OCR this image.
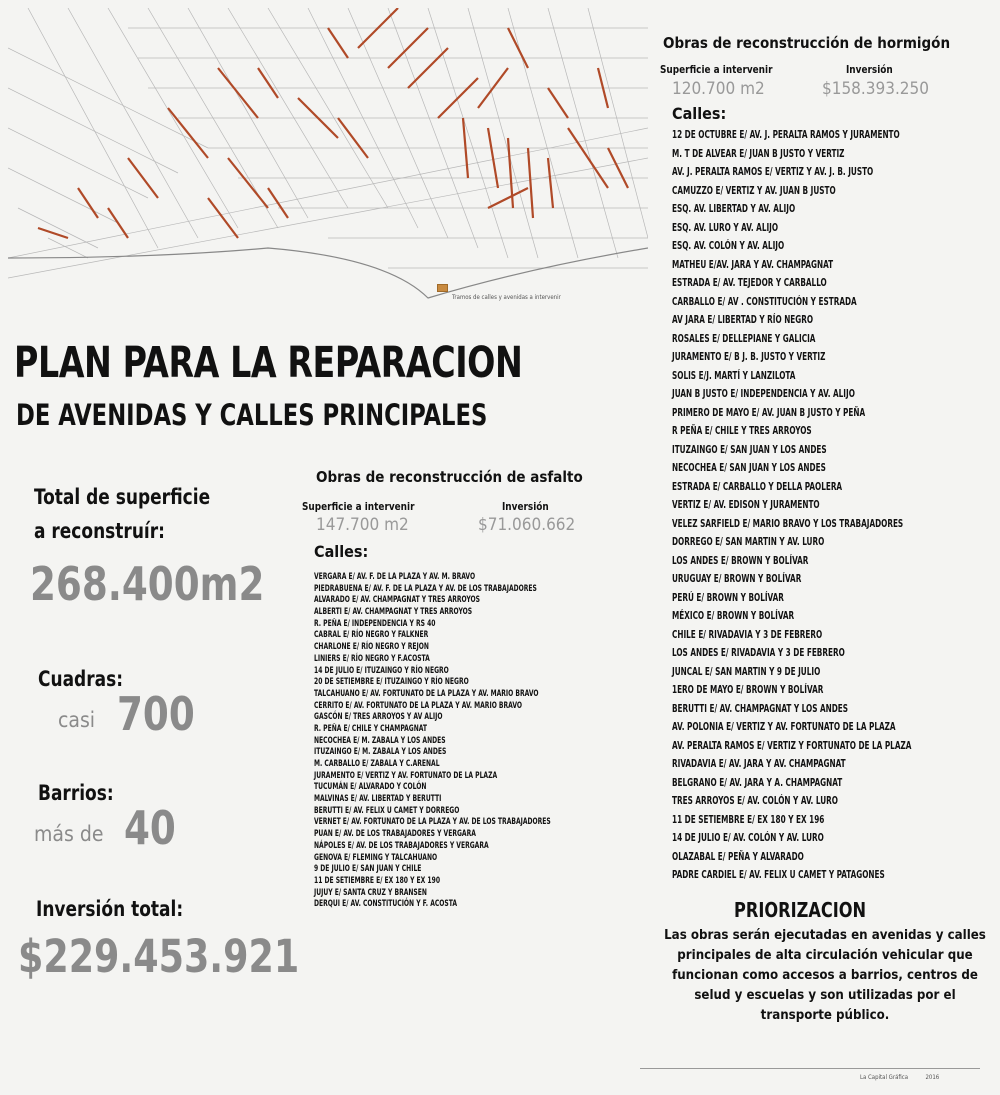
Tramos de calles y avenidas a intervenir
PLAN PARA LA REPARACION
DE AVENIDAS Y CALLES PRINCIPALES
Total de superficie
a reconstruír:
268.400m2
Cuadras:
casi 700
Barrios:
más de 40
Inversión total:
$229.453.921
Obras de reconstrucción de asfalto
Superficie a intervenir
147.700 m2
Inversión
$71.060.662
Calles:
VERGARA E/ AV. F. DE LA PLAZA Y AV. M. BRAVO
PIEDRABUENA E/ AV. F. DE LA PLAZA Y AV. DE LOS TRABAJADORES
ALVARADO E/ AV. CHAMPAGNAT Y TRES ARROYOS
ALBERTI E/ AV. CHAMPAGNAT Y TRES ARROYOS
R. PEÑA E/ INDEPENDENCIA Y RS 40
CABRAL E/ RÍO NEGRO Y FALKNER
CHARLONE E/ RÍO NEGRO Y REJON
LINIERS E/ RÍO NEGRO Y F.ACOSTA
14 DE JULIO E/ ITUZAINGO Y RÍO NEGRO
20 DE SETIEMBRE E/ ITUZAINGO Y RÍO NEGRO
TALCAHUANO E/ AV. FORTUNATO DE LA PLAZA Y AV. MARIO BRAVO
CERRITO E/ AV. FORTUNATO DE LA PLAZA Y AV. MARIO BRAVO
GASCÓN E/ TRES ARROYOS Y AV ALIJO
R. PEÑA E/ CHILE Y CHAMPAGNAT
NECOCHEA E/ M. ZABALA Y LOS ANDES
ITUZAINGO E/ M. ZABALA Y LOS ANDES
M. CARBALLO E/ ZABALA Y C.ARENAL
JURAMENTO E/ VERTIZ Y AV. FORTUNATO DE LA PLAZA
TUCUMÁN E/ ALVARADO Y COLÓN
MALVINAS E/ AV. LIBERTAD Y BERUTTI
BERUTTI E/ AV. FELIX U CAMET Y DORREGO
VERNET E/ AV. FORTUNATO DE LA PLAZA Y AV. DE LOS TRABAJADORES
PUAN E/ AV. DE LOS TRABAJADORES Y VERGARA
NÁPOLES E/ AV. DE LOS TRABAJADORES Y VERGARA
GENOVA E/ FLEMING Y TALCAHUANO
9 DE JULIO E/ SAN JUAN Y CHILE
11 DE SETIEMBRE E/ EX 180 Y EX 190
JUJUY E/ SANTA CRUZ Y BRANSEN
DERQUI E/ AV. CONSTITUCIÓN Y F. ACOSTA
Obras de reconstrucción de hormigón
Superficie a intervenir
120.700 m2
Inversión
$158.393.250
Calles:
12 DE OCTUBRE E/ AV. J. PERALTA RAMOS Y JURAMENTO
M. T DE ALVEAR E/ JUAN B JUSTO Y VERTIZ
AV. J. PERALTA RAMOS E/ VERTIZ Y AV. J. B. JUSTO
CAMUZZO E/ VERTIZ Y AV. JUAN B JUSTO
ESQ. AV. LIBERTAD Y AV. ALIJO
ESQ. AV. LURO Y AV. ALIJO
ESQ. AV. COLÓN Y AV. ALIJO
MATHEU E/AV. JARA Y AV. CHAMPAGNAT
ESTRADA E/ AV. TEJEDOR Y CARBALLO
CARBALLO E/ AV . CONSTITUCIÓN Y ESTRADA
AV JARA E/ LIBERTAD Y RÍO NEGRO
ROSALES E/ DELLEPIANE Y GALICIA
JURAMENTO E/ B J. B. JUSTO Y VERTIZ
SOLIS E/J. MARTÍ Y LANZILOTA
JUAN B JUSTO E/ INDEPENDENCIA Y AV. ALIJO
PRIMERO DE MAYO E/ AV. JUAN B JUSTO Y PEÑA
R PEÑA E/ CHILE Y TRES ARROYOS
ITUZAINGO E/ SAN JUAN Y LOS ANDES
NECOCHEA E/ SAN JUAN Y LOS ANDES
ESTRADA E/ CARBALLO Y DELLA PAOLERA
VERTIZ E/ AV. EDISON Y JURAMENTO
VELEZ SARFIELD E/ MARIO BRAVO Y LOS TRABAJADORES
DORREGO E/ SAN MARTIN Y AV. LURO
LOS ANDES E/ BROWN Y BOLÍVAR
URUGUAY E/ BROWN Y BOLÍVAR
PERÚ E/ BROWN Y BOLÍVAR
MÉXICO E/ BROWN Y BOLÍVAR
CHILE E/ RIVADAVIA Y 3 DE FEBRERO
LOS ANDES E/ RIVADAVIA Y 3 DE FEBRERO
JUNCAL E/ SAN MARTIN Y 9 DE JULIO
1ERO DE MAYO E/ BROWN Y BOLÍVAR
BERUTTI E/ AV. CHAMPAGNAT Y LOS ANDES
AV. POLONIA E/ VERTIZ Y AV. FORTUNATO DE LA PLAZA
AV. PERALTA RAMOS E/ VERTIZ Y FORTUNATO DE LA PLAZA
RIVADAVIA E/ AV. JARA Y AV. CHAMPAGNAT
BELGRANO E/ AV. JARA Y A. CHAMPAGNAT
TRES ARROYOS E/ AV. COLÓN Y AV. LURO
11 DE SETIEMBRE E/ EX 180 Y EX 196
14 DE JULIO E/ AV. COLÓN Y AV. LURO
OLAZABAL E/ PEÑA Y ALVARADO
PADRE CARDIEL E/ AV. FELIX U CAMET Y PATAGONES
PRIORIZACION
Las obras serán ejecutadas en avenidas y calles principales de alta circulación vehicular que funcionan como accesos a barrios, centros de selud y escuelas y son utilizadas por el transporte público.
La Capital Gráfica	2016
